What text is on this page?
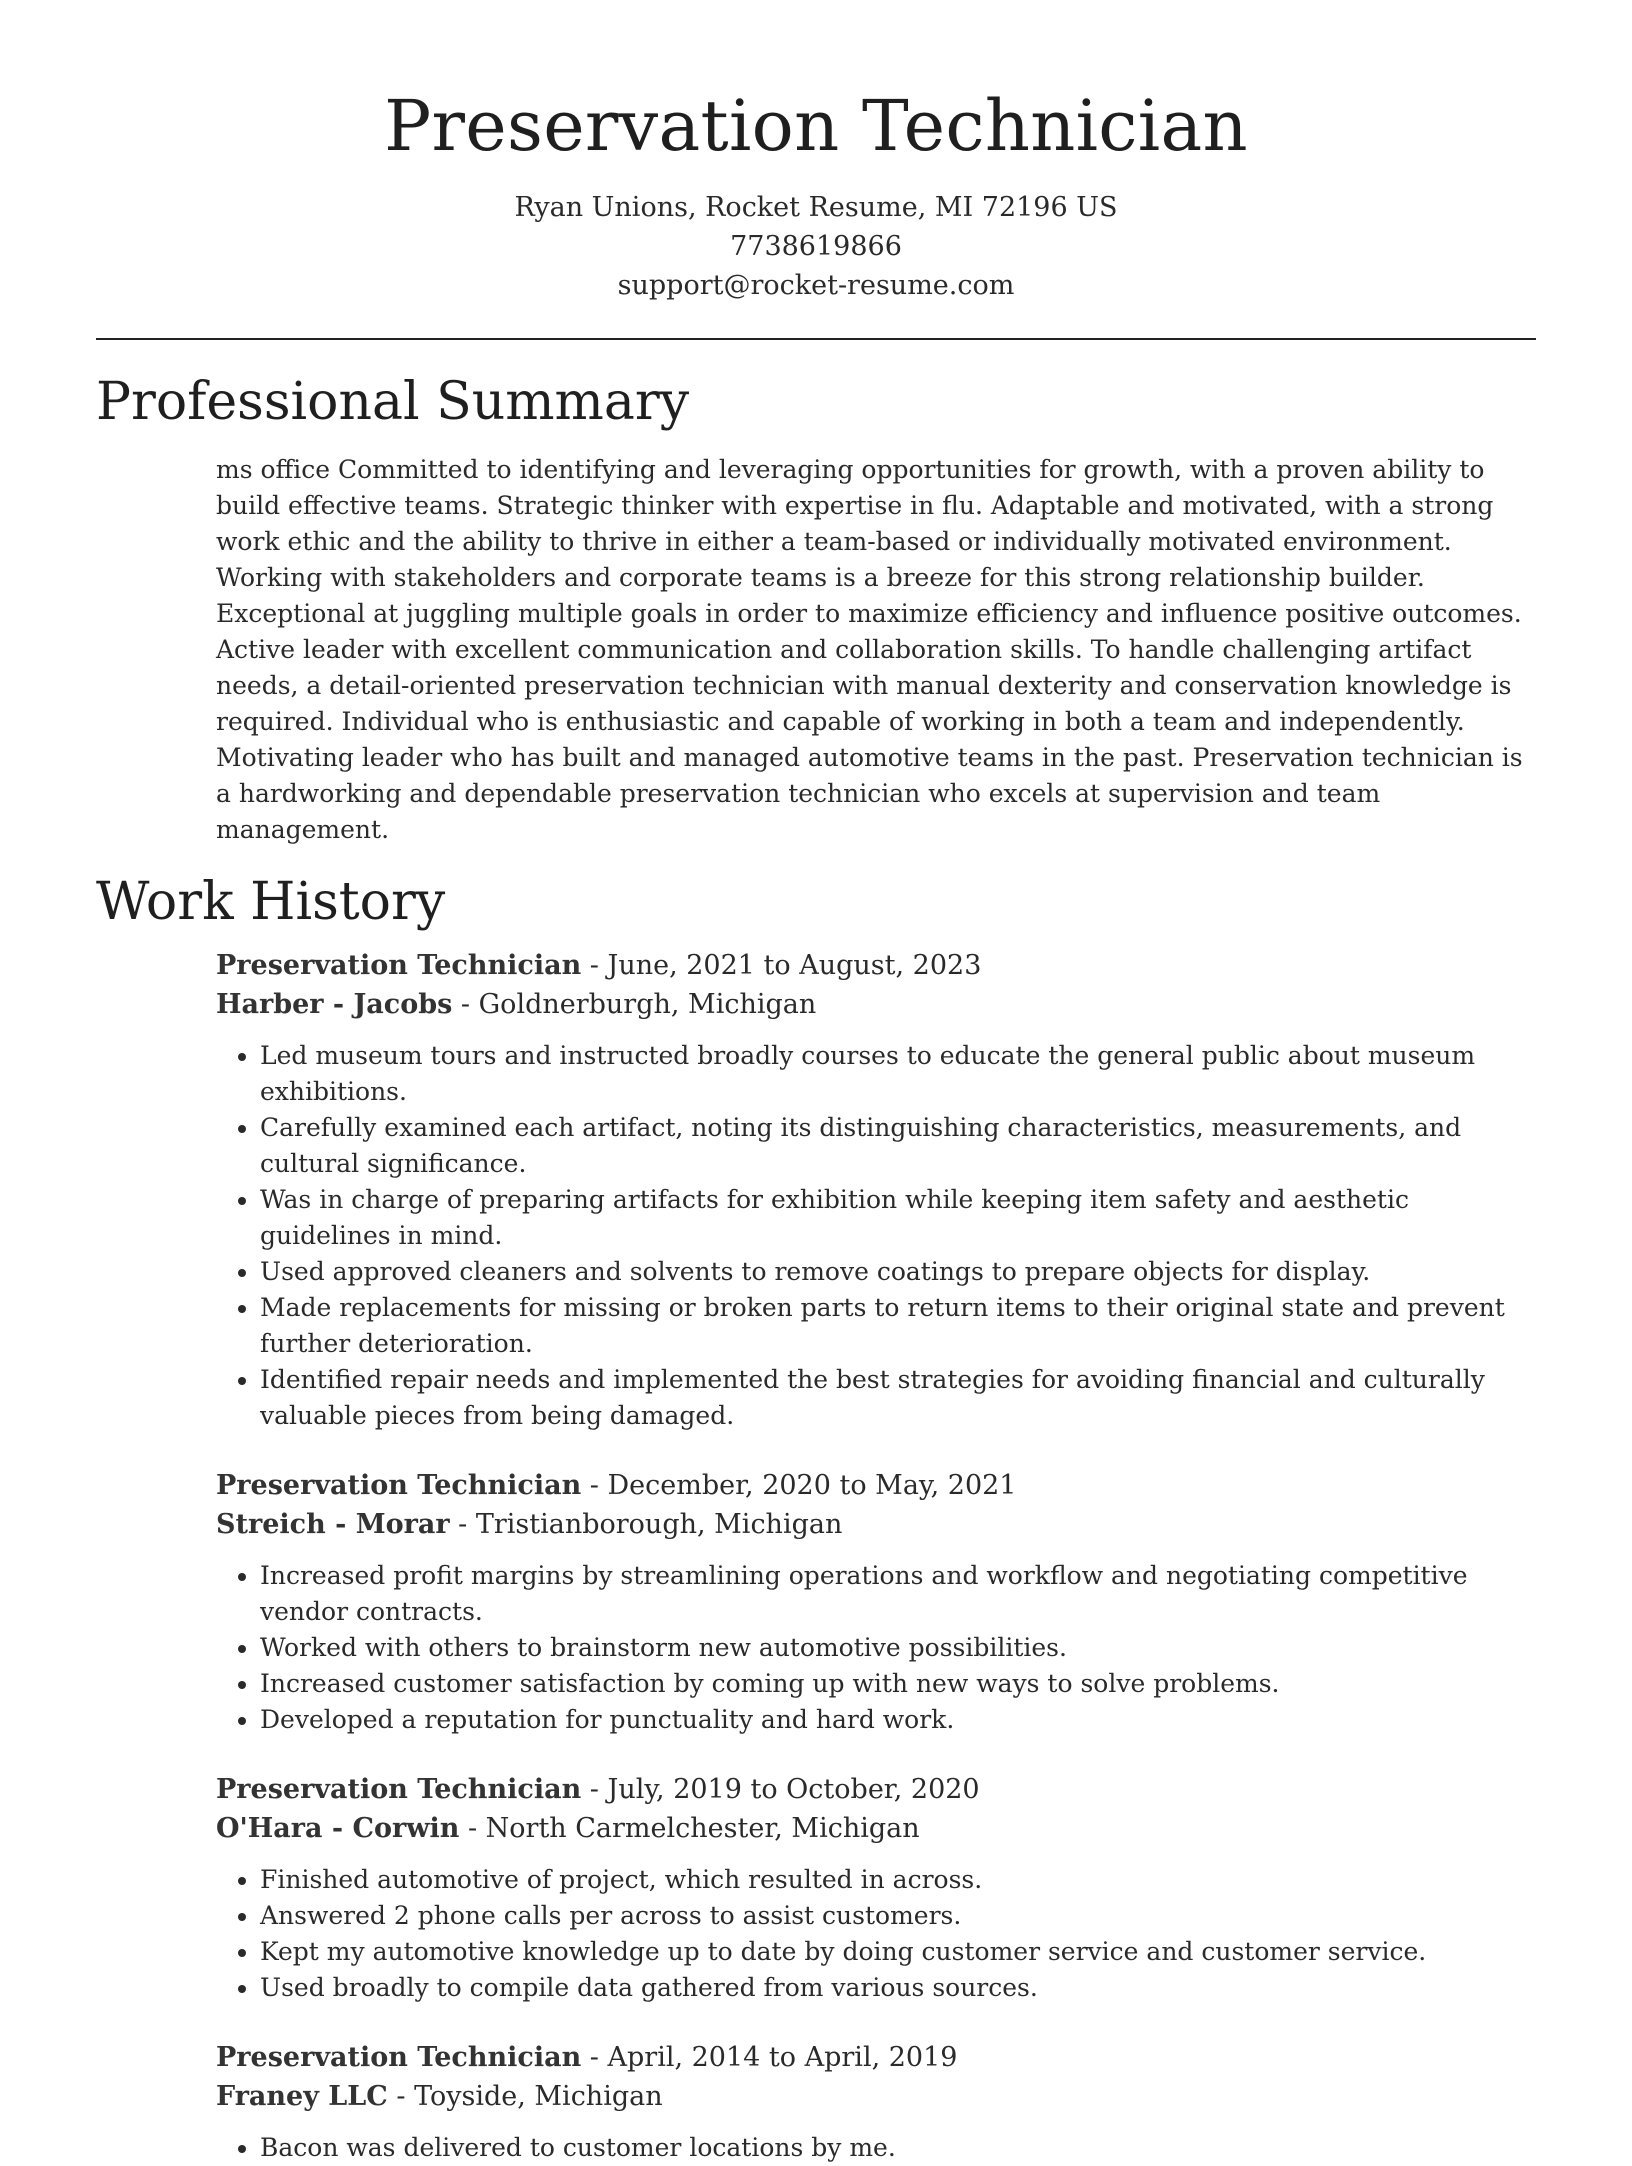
Preservation Technician
Ryan Unions, Rocket Resume, MI 72196 US
7738619866
support@rocket-resume.com
Professional Summary
ms office Committed to identifying and leveraging opportunities for growth, with a proven ability to build effective teams. Strategic thinker with expertise in flu. Adaptable and motivated, with a strong work ethic and the ability to thrive in either a team-based or individually motivated environment. Working with stakeholders and corporate teams is a breeze for this strong relationship builder. Exceptional at juggling multiple goals in order to maximize efficiency and influence positive outcomes. Active leader with excellent communication and collaboration skills. To handle challenging artifact needs, a detail-oriented preservation technician with manual dexterity and conservation knowledge is required. Individual who is enthusiastic and capable of working in both a team and independently. Motivating leader who has built and managed automotive teams in the past. Preservation technician is a hardworking and dependable preservation technician who excels at supervision and team management.
Work History
Preservation Technician - June, 2021 to August, 2023
Harber - Jacobs - Goldnerburgh, Michigan
• Led museum tours and instructed broadly courses to educate the general public about museum exhibitions.
• Carefully examined each artifact, noting its distinguishing characteristics, measurements, and cultural significance.
• Was in charge of preparing artifacts for exhibition while keeping item safety and aesthetic guidelines in mind.
• Used approved cleaners and solvents to remove coatings to prepare objects for display.
• Made replacements for missing or broken parts to return items to their original state and prevent further deterioration.
• Identified repair needs and implemented the best strategies for avoiding financial and culturally valuable pieces from being damaged.
Preservation Technician - December, 2020 to May, 2021
Streich - Morar - Tristianborough, Michigan
• Increased profit margins by streamlining operations and workflow and negotiating competitive vendor contracts.
• Worked with others to brainstorm new automotive possibilities.
• Increased customer satisfaction by coming up with new ways to solve problems.
• Developed a reputation for punctuality and hard work.
Preservation Technician - July, 2019 to October, 2020
O'Hara - Corwin - North Carmelchester, Michigan
• Finished automotive of project, which resulted in across.
• Answered 2 phone calls per across to assist customers.
• Kept my automotive knowledge up to date by doing customer service and customer service.
• Used broadly to compile data gathered from various sources.
Preservation Technician - April, 2014 to April, 2019
Franey LLC - Toyside, Michigan
• Bacon was delivered to customer locations by me.
